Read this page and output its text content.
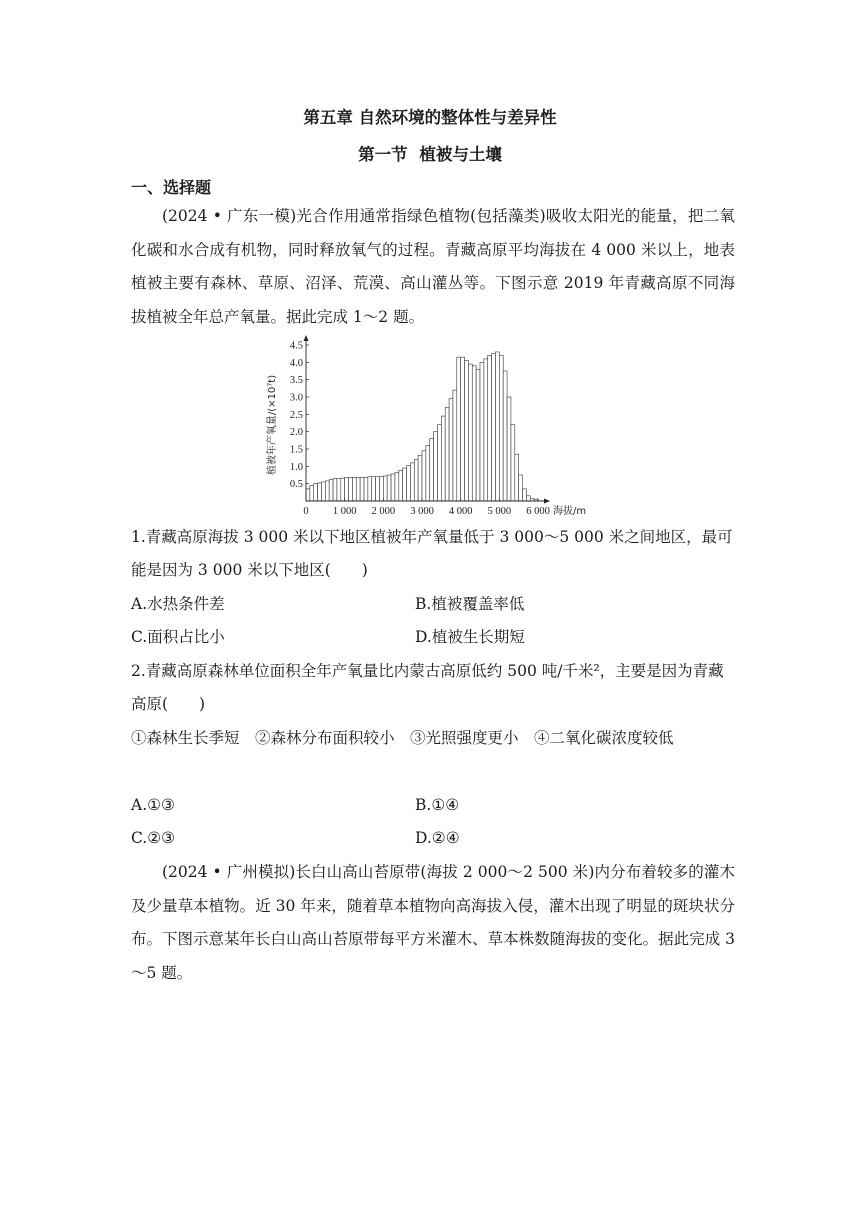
第五章 自然环境的整体性与差异性
第一节 植被与土壤
一、选择题

(2024 • 广东一模)光合作用通常指绿色植物(包括藻类)吸收太阳光的能量，把二氧化碳和水合成有机物，同时释放氧气的过程。青藏高原平均海拔在 4 000 米以上，地表植被主要有森林、草原、沼泽、荒漠、高山灌丛等。下图示意 2019 年青藏高原不同海拔植被全年总产氧量。据此完成 1～2 题。

0.5
1.0
1.5
2.0
2.5
3.0
3.5
4.0
4.5
0 1 000 2 000 3 000 4 000 5 000 6 000
植被年产氧量/(×10⁷t)
海拔/m

1.青藏高原海拔 3 000 米以下地区植被年产氧量低于 3 000～5 000 米之间地区，最可能是因为 3 000 米以下地区(　　)

A.水热条件差	B.植被覆盖率低
C.面积占比小	D.植被生长期短

2.青藏高原森林单位面积全年产氧量比内蒙古高原低约 500 吨/千米²，主要是因为青藏高原(　　)

①森林生长季短　②森林分布面积较小　③光照强度更小　④二氧化碳浓度较低

A.①③	B.①④
C.②③	D.②④

(2024 • 广州模拟)长白山高山苔原带(海拔 2 000～2 500 米)内分布着较多的灌木及少量草本植物。近 30 年来，随着草本植物向高海拔入侵，灌木出现了明显的斑块状分布。下图示意某年长白山高山苔原带每平方米灌木、草本株数随海拔的变化。据此完成 3～5 题。
